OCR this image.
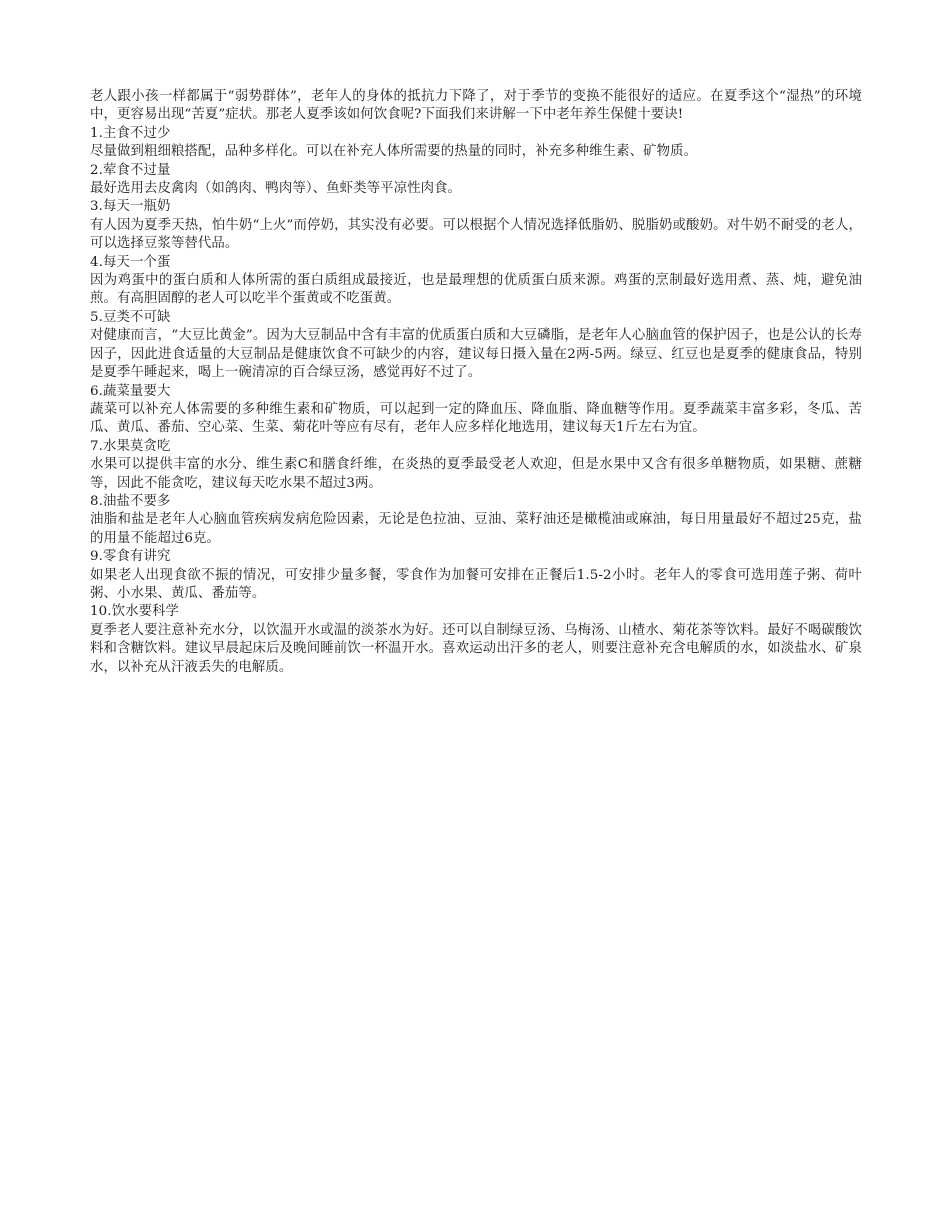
老人跟小孩一样都属于“弱势群体”，老年人的身体的抵抗力下降了，对于季节的变换不能很好的适应。在夏季这个“湿热”的环境中，更容易出现“苦夏”症状。那老人夏季该如何饮食呢?下面我们来讲解一下中老年养生保健十要诀!

1.主食不过少

尽量做到粗细粮搭配，品种多样化。可以在补充人体所需要的热量的同时，补充多种维生素、矿物质。

2.荤食不过量

最好选用去皮禽肉（如鸽肉、鸭肉等）、鱼虾类等平凉性肉食。

3.每天一瓶奶

有人因为夏季天热，怕牛奶“上火”而停奶，其实没有必要。可以根据个人情况选择低脂奶、脱脂奶或酸奶。对牛奶不耐受的老人，可以选择豆浆等替代品。

4.每天一个蛋

因为鸡蛋中的蛋白质和人体所需的蛋白质组成最接近，也是最理想的优质蛋白质来源。鸡蛋的烹制最好选用煮、蒸、炖，避免油煎。有高胆固醇的老人可以吃半个蛋黄或不吃蛋黄。

5.豆类不可缺

对健康而言，“大豆比黄金”。因为大豆制品中含有丰富的优质蛋白质和大豆磷脂，是老年人心脑血管的保护因子，也是公认的长寿因子，因此进食适量的大豆制品是健康饮食不可缺少的内容，建议每日摄入量在2两-5两。绿豆、红豆也是夏季的健康食品，特别是夏季午睡起来，喝上一碗清凉的百合绿豆汤，感觉再好不过了。

6.蔬菜量要大

蔬菜可以补充人体需要的多种维生素和矿物质，可以起到一定的降血压、降血脂、降血糖等作用。夏季蔬菜丰富多彩，冬瓜、苦瓜、黄瓜、番茄、空心菜、生菜、菊花叶等应有尽有，老年人应多样化地选用，建议每天1斤左右为宜。

7.水果莫贪吃

水果可以提供丰富的水分、维生素C和膳食纤维，在炎热的夏季最受老人欢迎，但是水果中又含有很多单糖物质，如果糖、蔗糖等，因此不能贪吃，建议每天吃水果不超过3两。

8.油盐不要多

油脂和盐是老年人心脑血管疾病发病危险因素，无论是色拉油、豆油、菜籽油还是橄榄油或麻油，每日用量最好不超过25克，盐的用量不能超过6克。

9.零食有讲究

如果老人出现食欲不振的情况，可安排少量多餐，零食作为加餐可安排在正餐后1.5-2小时。老年人的零食可选用莲子粥、荷叶粥、小水果、黄瓜、番茄等。

10.饮水要科学

夏季老人要注意补充水分，以饮温开水或温的淡茶水为好。还可以自制绿豆汤、乌梅汤、山楂水、菊花茶等饮料。最好不喝碳酸饮料和含糖饮料。建议早晨起床后及晚间睡前饮一杯温开水。喜欢运动出汗多的老人，则要注意补充含电解质的水，如淡盐水、矿泉水，以补充从汗液丢失的电解质。
